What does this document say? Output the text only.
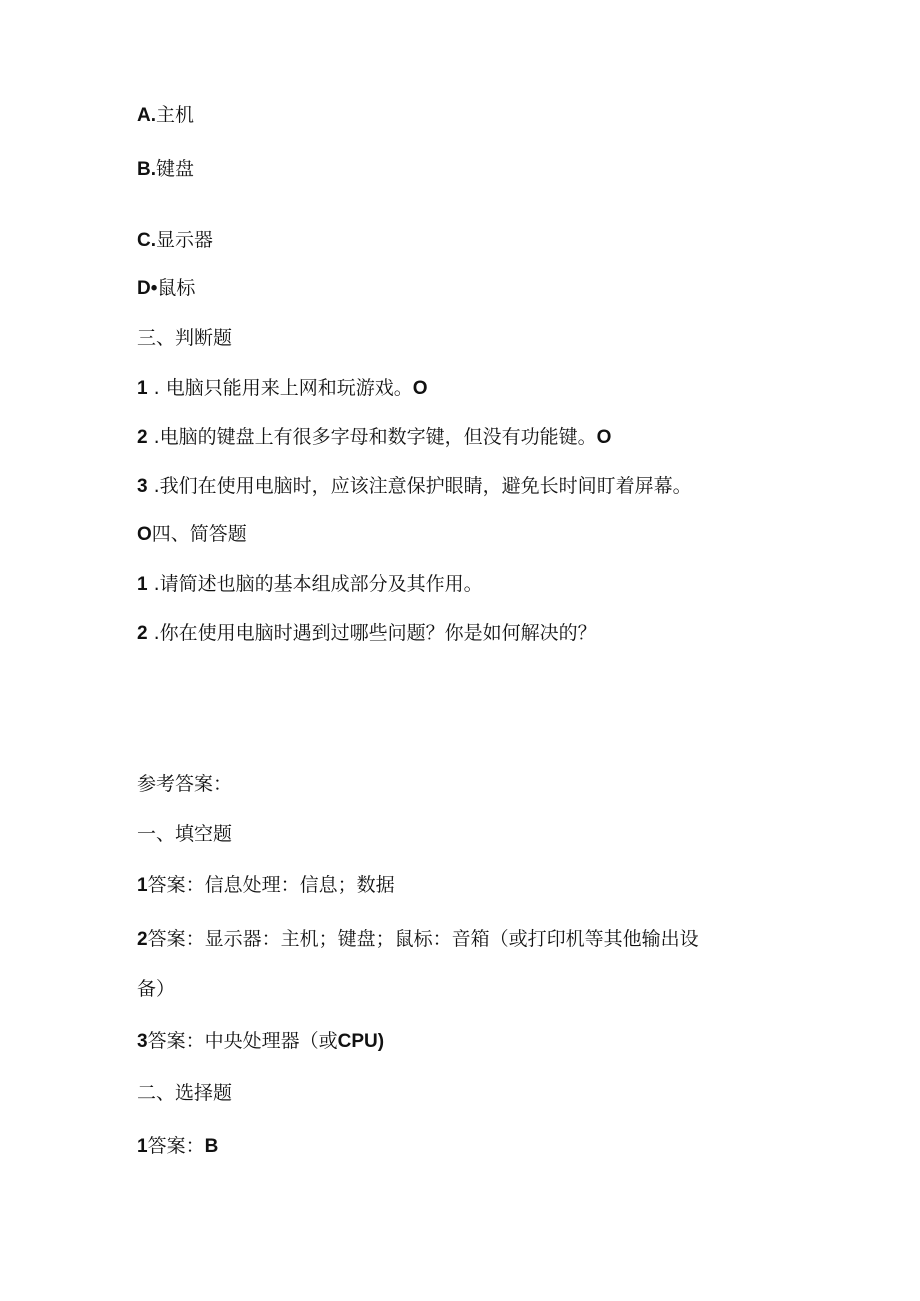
A.主机
B.键盘
C.显示器
D•鼠标
三、判断题
1 . 电脑只能用来上网和玩游戏。O
2 .电脑的键盘上有很多字母和数字键，但没有功能键。O
3 .我们在使用电脑时，应该注意保护眼睛，避免长时间盯着屏幕。
O四、简答题
1 .请简述也脑的基本组成部分及其作用。
2 .你在使用电脑时遇到过哪些问题？你是如何解决的？
参考答案：
一、填空题
1答案：信息处理：信息；数据
2答案：显示器：主机；键盘；鼠标：音箱（或打印机等其他输出设
备）
3答案：中央处理器（或CPU)
二、选择题
1答案：B
